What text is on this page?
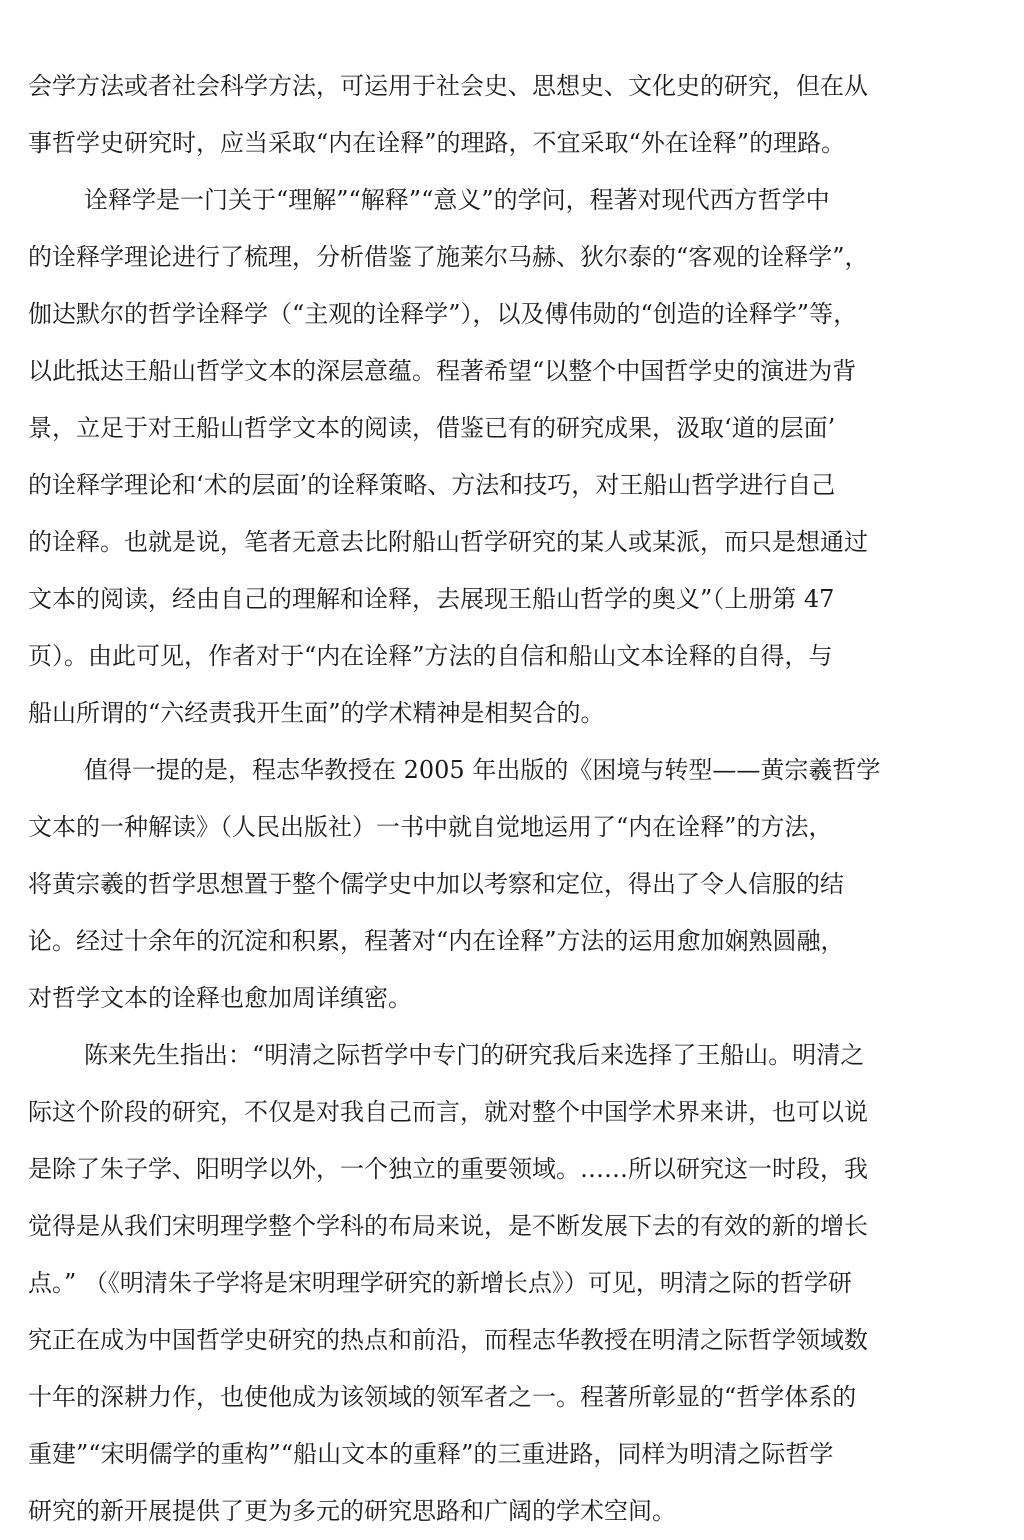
会学方法或者社会科学方法，可运用于社会史、思想史、文化史的研究，但在从
事哲学史研究时，应当采取“内在诠释”的理路，不宜采取“外在诠释”的理路。
诠释学是一门关于“理解”“解释”“意义”的学问，程著对现代西方哲学中
的诠释学理论进行了梳理，分析借鉴了施莱尔马赫、狄尔泰的“客观的诠释学”，
伽达默尔的哲学诠释学（“主观的诠释学”），以及傅伟勋的“创造的诠释学”等，
以此抵达王船山哲学文本的深层意蕴。程著希望“以整个中国哲学史的演进为背
景，立足于对王船山哲学文本的阅读，借鉴已有的研究成果，汲取‘道的层面’
的诠释学理论和‘术的层面’的诠释策略、方法和技巧，对王船山哲学进行自己
的诠释。也就是说，笔者无意去比附船山哲学研究的某人或某派，而只是想通过
文本的阅读，经由自己的理解和诠释，去展现王船山哲学的奥义”（上册第 47
页）。由此可见，作者对于“内在诠释”方法的自信和船山文本诠释的自得，与
船山所谓的“六经责我开生面”的学术精神是相契合的。
值得一提的是，程志华教授在 2005 年出版的《困境与转型——黄宗羲哲学
文本的一种解读》（人民出版社）一书中就自觉地运用了“内在诠释”的方法，
将黄宗羲的哲学思想置于整个儒学史中加以考察和定位，得出了令人信服的结
论。经过十余年的沉淀和积累，程著对“内在诠释”方法的运用愈加娴熟圆融，
对哲学文本的诠释也愈加周详缜密。
陈来先生指出：“明清之际哲学中专门的研究我后来选择了王船山。明清之
际这个阶段的研究，不仅是对我自己而言，就对整个中国学术界来讲，也可以说
是除了朱子学、阳明学以外，一个独立的重要领域。……所以研究这一时段，我
觉得是从我们宋明理学整个学科的布局来说，是不断发展下去的有效的新的增长
点。” （《明清朱子学将是宋明理学研究的新增长点》）可见，明清之际的哲学研
究正在成为中国哲学史研究的热点和前沿，而程志华教授在明清之际哲学领域数
十年的深耕力作，也使他成为该领域的领军者之一。程著所彰显的“哲学体系的
重建”“宋明儒学的重构”“船山文本的重释”的三重进路，同样为明清之际哲学
研究的新开展提供了更为多元的研究思路和广阔的学术空间。
